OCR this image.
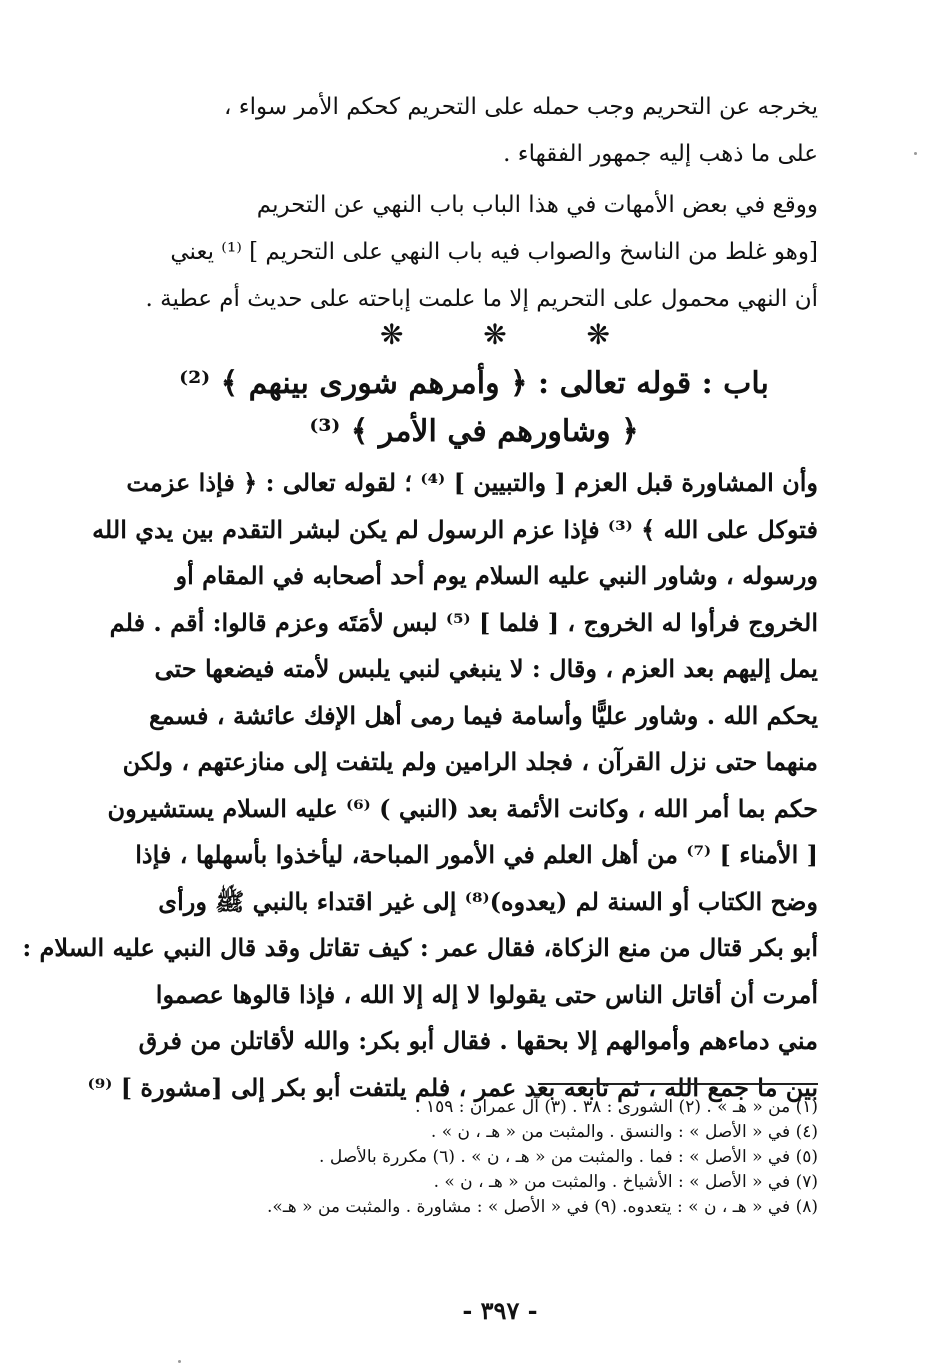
يخرجه عن التحريم وجب حمله على التحريم كحكم الأمر سواء ،
على ما ذهب إليه جمهور الفقهاء .
ووقع في بعض الأمهات في هذا الباب باب النهي عن التحريم
[وهو غلط من الناسخ والصواب فيه باب النهي على التحريم ] ⁽¹⁾ يعني
أن النهي محمول على التحريم إلا ما علمت إباحته على حديث أم عطية .
❋	❋	❋
باب : قوله تعالى : ﴿ وأمرهم شورى بينهم ﴾ ⁽²⁾
﴿ وشاورهم في الأمر ﴾ ⁽³⁾
وأن المشاورة قبل العزم [ والتبيين ] ⁽⁴⁾ ؛ لقوله تعالى : ﴿ فإذا عزمت
فتوكل على الله ﴾ ⁽³⁾ فإذا عزم الرسول لم يكن لبشر التقدم بين يدي الله
ورسوله ، وشاور النبي عليه السلام يوم أحد أصحابه في المقام أو
الخروج فرأوا له الخروج ، [ فلما ] ⁽⁵⁾ لبس لأمَتَه وعزم قالوا: أقم . فلم
يمل إليهم بعد العزم ، وقال : لا ينبغي لنبي يلبس لأمته فيضعها حتى
يحكم الله . وشاور عليًّا وأسامة فيما رمى أهل الإفك عائشة ، فسمع
منهما حتى نزل القرآن ، فجلد الرامين ولم يلتفت إلى منازعتهم ، ولكن
حكم بما أمر الله ، وكانت الأئمة بعد (النبي ) ⁽⁶⁾ عليه السلام يستشيرون
[ الأمناء ] ⁽⁷⁾ من أهل العلم في الأمور المباحة، ليأخذوا بأسهلها ، فإذا
وضح الكتاب أو السنة لم (يعدوه)⁽⁸⁾ إلى غير اقتداء بالنبي ﷺ ورأى
أبو بكر قتال من منع الزكاة، فقال عمر : كيف تقاتل وقد قال النبي عليه السلام :
أمرت أن أقاتل الناس حتى يقولوا لا إله إلا الله ، فإذا قالوها عصموا
مني دماءهم وأموالهم إلا بحقها . فقال أبو بكر: والله لأقاتلن من فرق
بين ما جمع الله ، ثم تابعه بعد عمر ، فلم يلتفت أبو بكر إلى [مشورة ] ⁽⁹⁾
(١) من « هـ » . (٢) الشورى : ٣٨ . (٣) آل عمران : ١٥٩ .
(٤) في « الأصل » : والنسق . والمثبت من « هـ ، ن » .
(٥) في « الأصل » : فما . والمثبت من « هـ ، ن » . (٦) مكررة بالأصل .
(٧) في « الأصل » : الأشياخ . والمثبت من « هـ ، ن » .
(٨) في « هـ ، ن » : يتعدوه. (٩) في « الأصل » : مشاورة . والمثبت من « هـ».
- ٣٩٧ -
